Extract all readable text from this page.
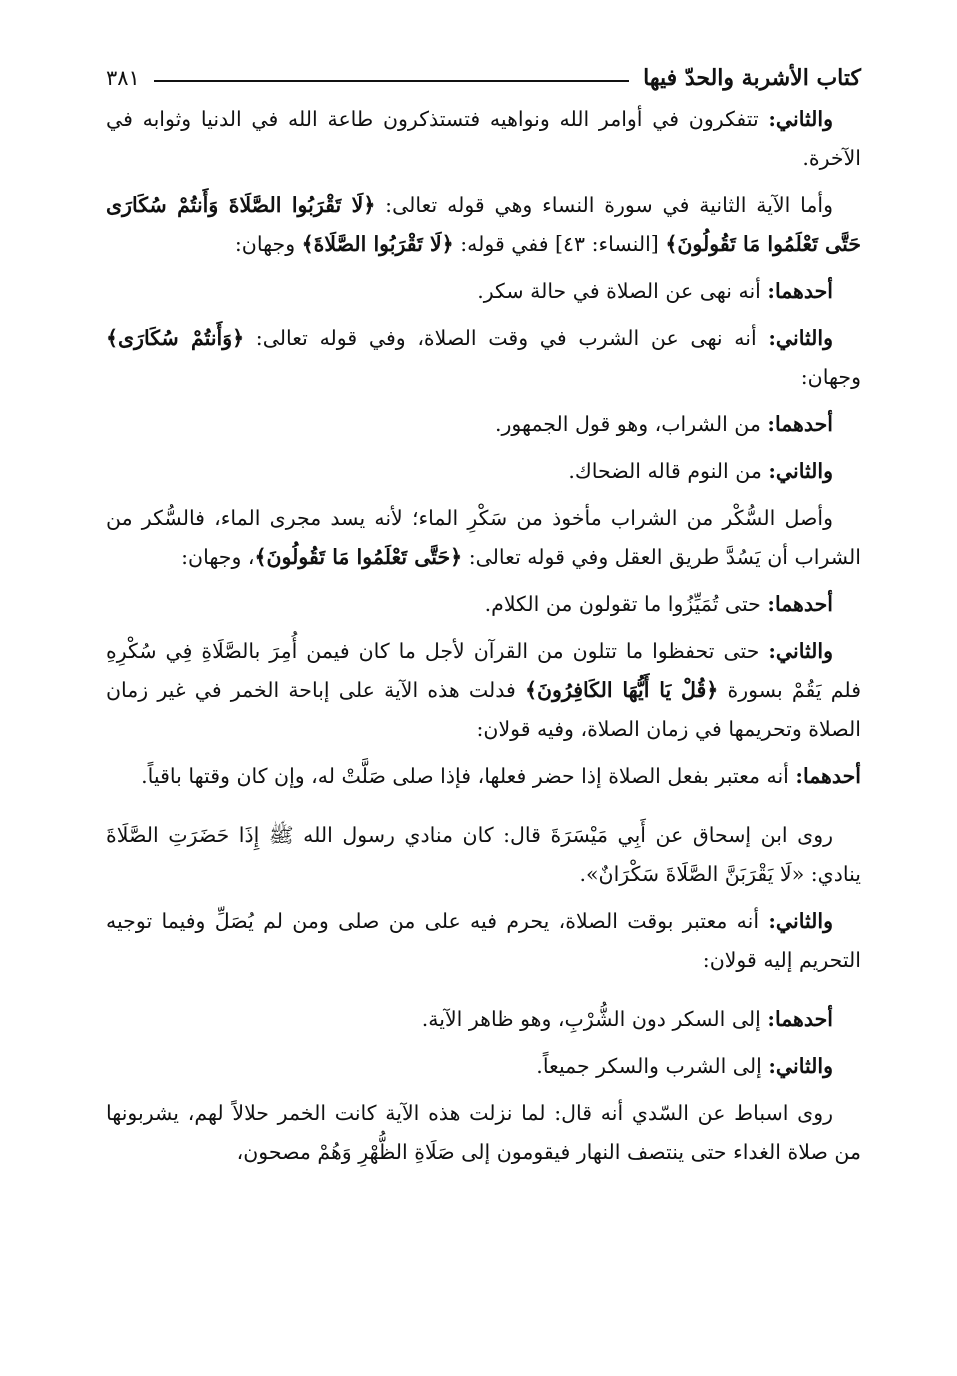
كتاب الأشربة والحدّ فيها
٣٨١

والثاني: تتفكرون في أوامر الله ونواهيه فتستذكرون طاعة الله في الدنيا وثوابه في الآخرة.

وأما الآية الثانية في سورة النساء وهي قوله تعالى: ﴿لَا تَقْرَبُوا الصَّلَاةَ وَأَنتُمْ سُكَارَى حَتَّى تَعْلَمُوا مَا تَقُولُونَ﴾ [النساء: ٤٣] ففي قوله: ﴿لَا تَقْرَبُوا الصَّلَاةَ﴾ وجهان:

أحدهما: أنه نهى عن الصلاة في حالة سكر.

والثاني: أنه نهى عن الشرب في وقت الصلاة، وفي قوله تعالى: ﴿وَأَنتُمْ سُكَارَى﴾ وجهان:

أحدهما: من الشراب، وهو قول الجمهور.

والثاني: من النوم قاله الضحاك.

وأصل السُّكْر من الشراب مأخوذ من سَكْرِ الماء؛ لأنه يسد مجرى الماء، فالسُّكر من الشراب أن يَسُدَّ طريق العقل وفي قوله تعالى: ﴿حَتَّى تَعْلَمُوا مَا تَقُولُونَ﴾، وجهان:

أحدهما: حتى تُمَيِّزُوا ما تقولون من الكلام.

والثاني: حتى تحفظوا ما تتلون من القرآن لأجل ما كان فيمن أُمِرَ بالصَّلَاةِ فِي سُكْرِهِ فلم يَقُمْ بسورة ﴿قُلْ يَا أَيُّهَا الكَافِرُونَ﴾ فدلت هذه الآية على إباحة الخمر في غير زمان الصلاة وتحريمها في زمان الصلاة، وفيه قولان:

أحدهما: أنه معتبر بفعل الصلاة إذا حضر فعلها، فإذا صلى صَلَّتْ له، وإن كان وقتها باقياً.

روى ابن إسحاق عن أَبِي مَيْسَرَةَ قال: كان منادي رسول الله ﷺ إِذَا حَضَرَتِ الصَّلَاةَ ينادي: «لَا يَقْرَبَنَّ الصَّلَاةَ سَكْرَانٌ».

والثاني: أنه معتبر بوقت الصلاة، يحرم فيه على من صلى ومن لم يُصَلِّ وفيما توجيه التحريم إليه قولان:

أحدهما: إلى السكر دون الشُّرْبِ، وهو ظاهر الآية.

والثاني: إلى الشرب والسكر جميعاً.

روى اسباط عن السّدي أنه قال: لما نزلت هذه الآية كانت الخمر حلالاً لهم، يشربونها من صلاة الغداء حتى ينتصف النهار فيقومون إلى صَلَاةِ الظُّهْرِ وَهُمْ مصحون،
